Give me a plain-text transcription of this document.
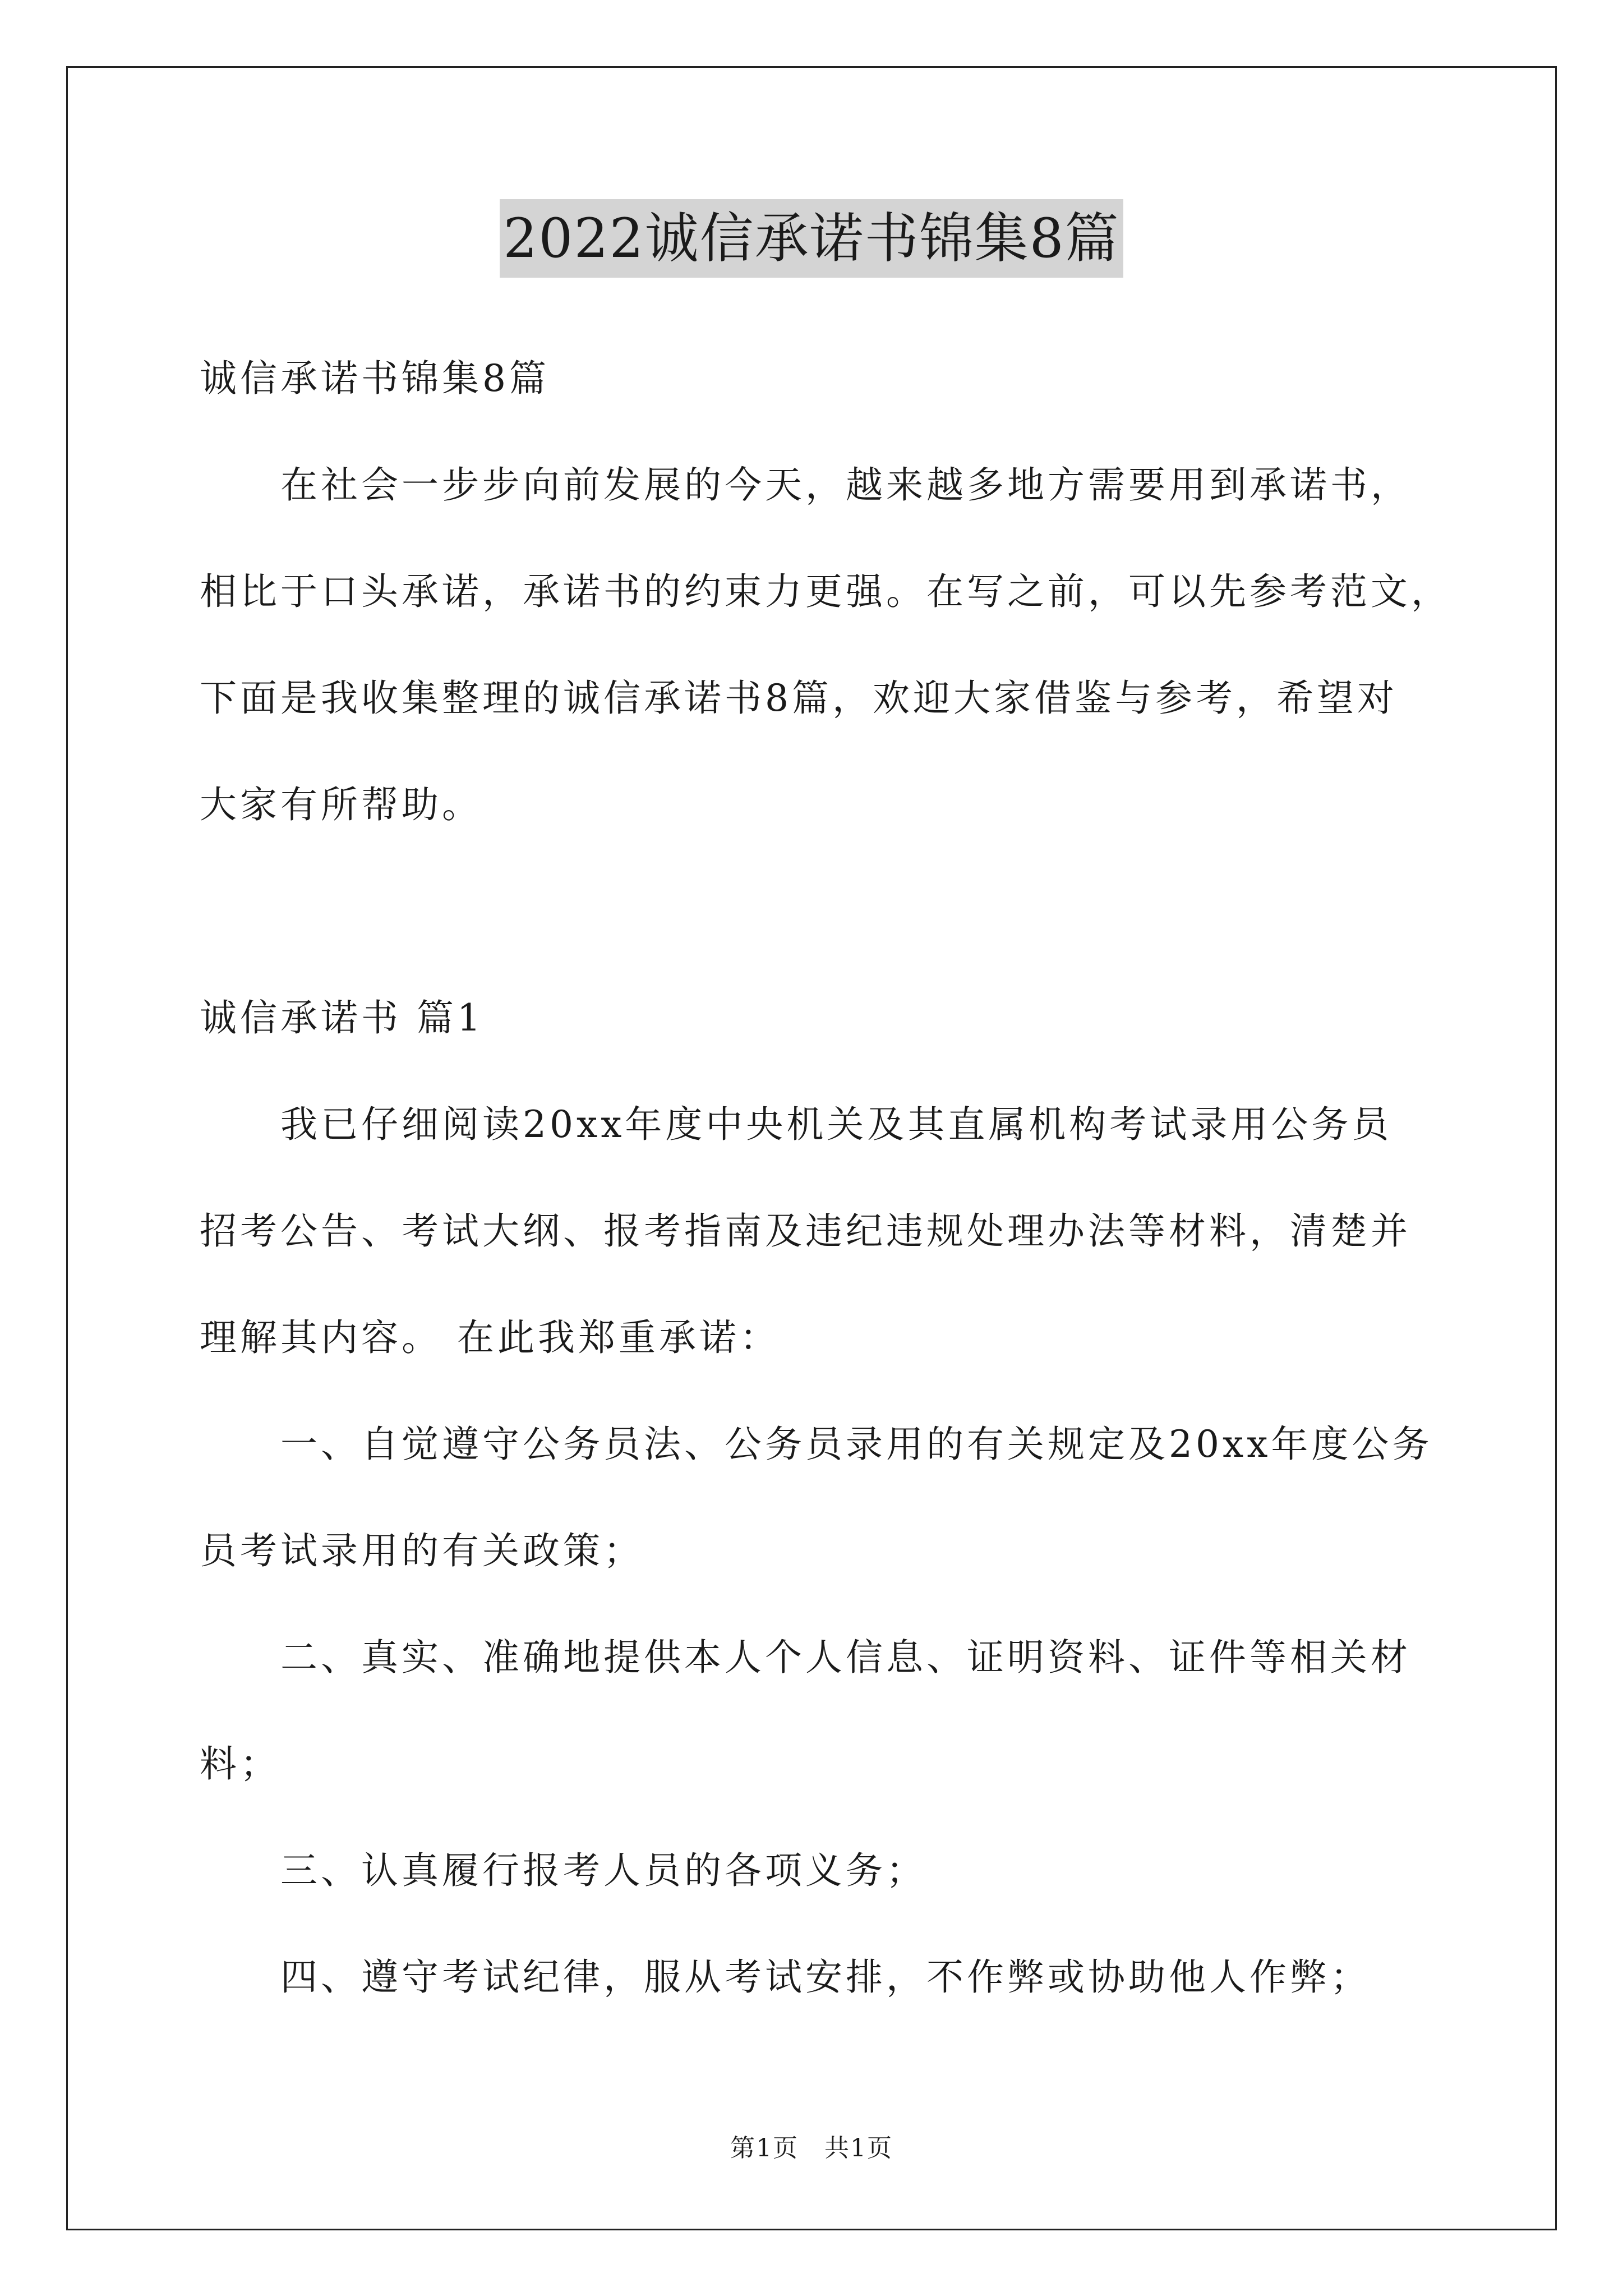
2022诚信承诺书锦集8篇
诚信承诺书锦集8篇
　　在社会一步步向前发展的今天，越来越多地方需要用到承诺书，
相比于口头承诺，承诺书的约束力更强。在写之前，可以先参考范文，
下面是我收集整理的诚信承诺书8篇，欢迎大家借鉴与参考，希望对
大家有所帮助。
诚信承诺书 篇1
　　我已仔细阅读20xx年度中央机关及其直属机构考试录用公务员
招考公告、考试大纲、报考指南及违纪违规处理办法等材料，清楚并
理解其内容。 在此我郑重承诺：
　　一、自觉遵守公务员法、公务员录用的有关规定及20xx年度公务
员考试录用的有关政策；
　　二、真实、准确地提供本人个人信息、证明资料、证件等相关材
料；
　　三、认真履行报考人员的各项义务；
　　四、遵守考试纪律，服从考试安排，不作弊或协助他人作弊；
第1页　共1页
